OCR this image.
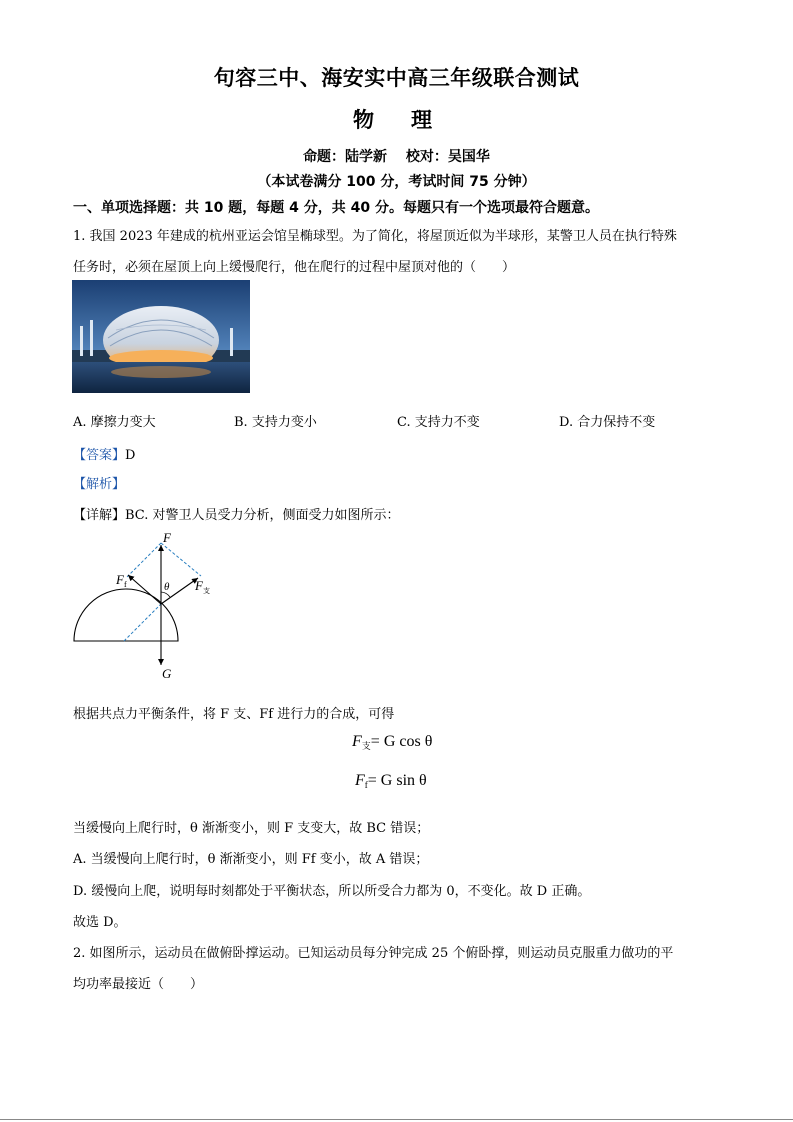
句容三中、海安实中高三年级联合测试
物　理
命题：陆学新　 校对：吴国华
（本试卷满分 100 分，考试时间 75 分钟）
一、单项选择题：共 10 题，每题 4 分，共 40 分。每题只有一个选项最符合题意。
1. 我国 2023 年建成的杭州亚运会馆呈椭球型。为了简化，将屋顶近似为半球形，某警卫人员在执行特殊
任务时，必须在屋顶上向上缓慢爬行，他在爬行的过程中屋顶对他的（　　）
A. 摩擦力变大	B. 支持力变小	C. 支持力不变	D. 合力保持不变
【答案】D
【解析】
【详解】BC. 对警卫人员受力分析，侧面受力如图所示：
F
$F_f$	θ $F_支$
G
根据共点力平衡条件，将 F 支、Ff 进行力的合成，可得
$F_支= G$ cos θ
$F_f= G$ sin θ
当缓慢向上爬行时，θ 渐渐变小，则 F 支变大，故 BC 错误；
A. 当缓慢向上爬行时，θ 渐渐变小，则 Ff 变小，故 A 错误；
D. 缓慢向上爬，说明每时刻都处于平衡状态，所以所受合力都为 0，不变化。故 D 正确。
故选 D。
2. 如图所示，运动员在做俯卧撑运动。已知运动员每分钟完成 25 个俯卧撑，则运动员克服重力做功的平
均功率最接近（　　）
